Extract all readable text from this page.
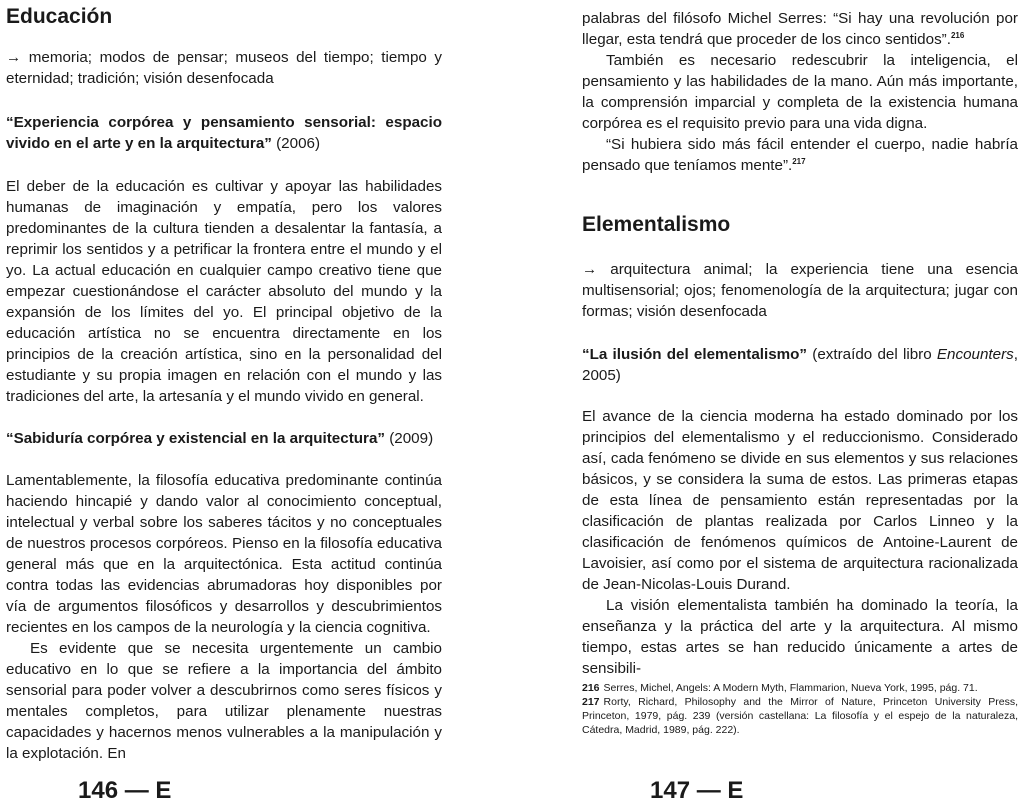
Educación

→ memoria; modos de pensar; museos del tiempo; tiempo y eternidad; tradición; visión desenfocada

“Experiencia corpórea y pensamiento sensorial: espacio vivido en el arte y en la arquitectura” (2006)

El deber de la educación es cultivar y apoyar las habilidades humanas de imaginación y empatía, pero los valores predominantes de la cultura tienden a desalentar la fantasía, a reprimir los sentidos y a petrificar la frontera entre el mundo y el yo. La actual educación en cualquier campo creativo tiene que empezar cuestionándose el carácter absoluto del mundo y la expansión de los límites del yo. El principal objetivo de la educación artística no se encuentra directamente en los principios de la creación artística, sino en la personalidad del estudiante y su propia imagen en relación con el mundo y las tradiciones del arte, la artesanía y el mundo vivido en general.

“Sabiduría corpórea y existencial en la arquitectura” (2009)

Lamentablemente, la filosofía educativa predominante continúa haciendo hincapié y dando valor al conocimiento conceptual, intelectual y verbal sobre los saberes tácitos y no conceptuales de nuestros procesos corpóreos. Pienso en la filosofía educativa general más que en la arquitectónica. Esta actitud continúa contra todas las evidencias abrumadoras hoy disponibles por vía de argumentos filosóficos y desarrollos y descubrimientos recientes en los campos de la neurología y la ciencia cognitiva.

Es evidente que se necesita urgentemente un cambio educativo en lo que se refiere a la importancia del ámbito sensorial para poder volver a descubrirnos como seres físicos y mentales completos, para utilizar plenamente nuestras capacidades y hacernos menos vulnerables a la manipulación y la explotación. En

146 — E

palabras del filósofo Michel Serres: “Si hay una revolución por llegar, esta tendrá que proceder de los cinco sentidos”.$^{216}$

También es necesario redescubrir la inteligencia, el pensamiento y las habilidades de la mano. Aún más importante, la comprensión imparcial y completa de la existencia humana corpórea es el requisito previo para una vida digna.

“Si hubiera sido más fácil entender el cuerpo, nadie habría pensado que teníamos mente”.$^{217}$

Elementalismo

→ arquitectura animal; la experiencia tiene una esencia multisensorial; ojos; fenomenología de la arquitectura; jugar con formas; visión desenfocada

“La ilusión del elementalismo” (extraído del libro Encounters, 2005)

El avance de la ciencia moderna ha estado dominado por los principios del elementalismo y el reduccionismo. Considerado así, cada fenómeno se divide en sus elementos y sus relaciones básicos, y se considera la suma de estos. Las primeras etapas de esta línea de pensamiento están representadas por la clasificación de plantas realizada por Carlos Linneo y la clasificación de fenómenos químicos de Antoine-Laurent de Lavoisier, así como por el sistema de arquitectura racionalizada de Jean-Nicolas-Louis Durand.

La visión elementalista también ha dominado la teoría, la enseñanza y la práctica del arte y la arquitectura. Al mismo tiempo, estas artes se han reducido únicamente a artes de sensibili-

216 Serres, Michel, Angels: A Modern Myth, Flammarion, Nueva York, 1995, pág. 71.

217 Rorty, Richard, Philosophy and the Mirror of Nature, Princeton University Press, Princeton, 1979, pág. 239 (versión castellana: La filosofía y el espejo de la naturaleza, Cátedra, Madrid, 1989, pág. 222).

147 — E
